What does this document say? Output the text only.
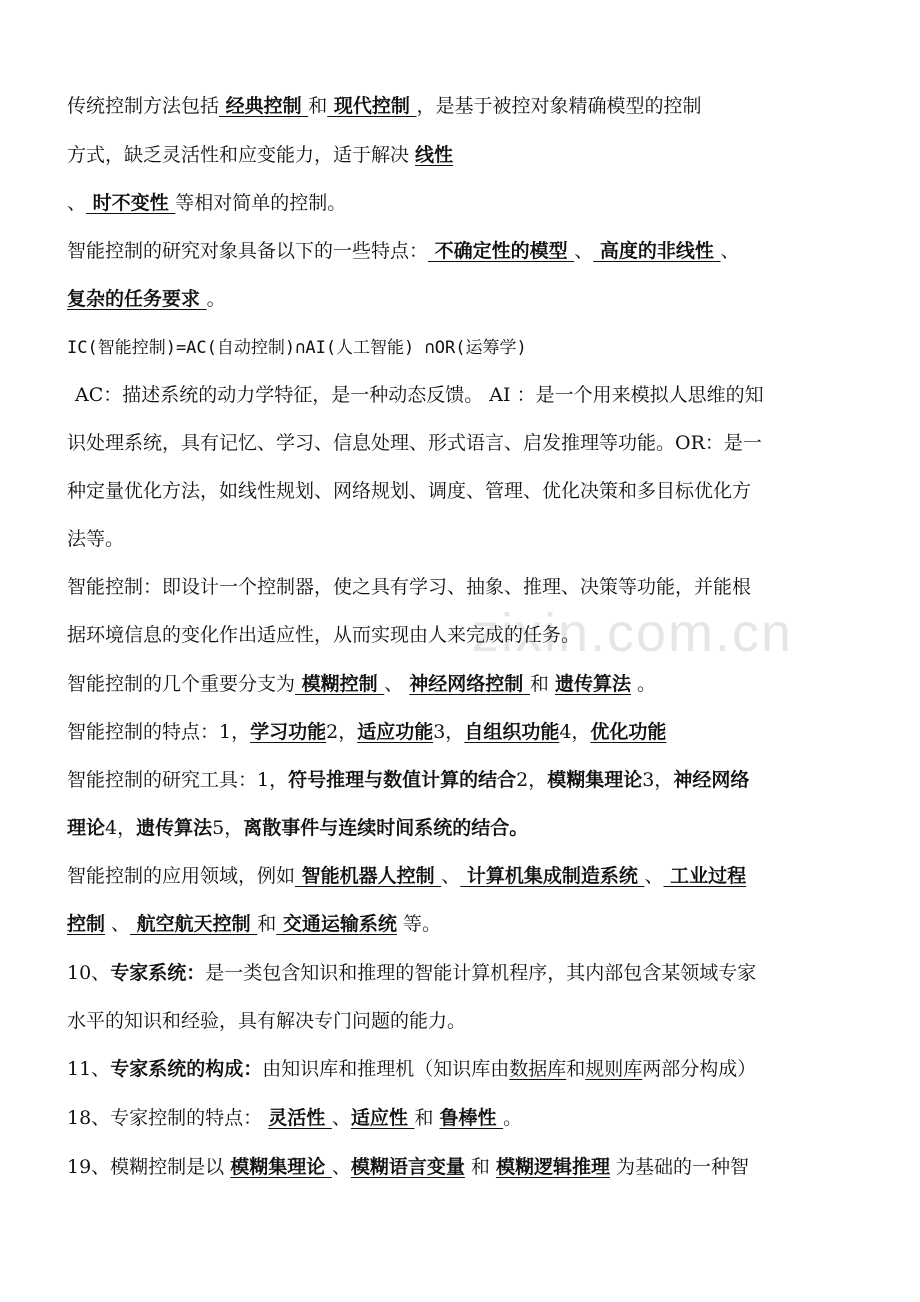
zixin.com.cn
传统控制方法包括 经典控制 和 现代控制 ，是基于被控对象精确模型的控制
方式，缺乏灵活性和应变能力，适于解决 线性
、 时不变性 等相对简单的控制。
智能控制的研究对象具备以下的一些特点： 不确定性的模型 、 高度的非线性 、
复杂的任务要求 。
IC(智能控制)=AC(自动控制)∩AI(人工智能) ∩OR(运筹学)
AC：描述系统的动力学特征，是一种动态反馈。 AI ：是一个用来模拟人思维的知
识处理系统，具有记忆、学习、信息处理、形式语言、启发推理等功能。OR：是一
种定量优化方法，如线性规划、网络规划、调度、管理、优化决策和多目标优化方
法等。
智能控制：即设计一个控制器，使之具有学习、抽象、推理、决策等功能，并能根
据环境信息的变化作出适应性，从而实现由人来完成的任务。
智能控制的几个重要分支为 模糊控制 、 神经网络控制 和 遗传算法 。
智能控制的特点：1，学习功能2，适应功能3，自组织功能4，优化功能
智能控制的研究工具：1，符号推理与数值计算的结合2，模糊集理论3，神经网络
理论4，遗传算法5，离散事件与连续时间系统的结合。
智能控制的应用领域，例如 智能机器人控制 、 计算机集成制造系统 、 工业过程
控制 、 航空航天控制 和 交通运输系统 等。
10、专家系统：是一类包含知识和推理的智能计算机程序，其内部包含某领域专家
水平的知识和经验，具有解决专门问题的能力。
11、专家系统的构成：由知识库和推理机（知识库由数据库和规则库两部分构成）
18、专家控制的特点： 灵活性 、适应性 和 鲁棒性 。
19、模糊控制是以 模糊集理论 、模糊语言变量 和 模糊逻辑推理 为基础的一种智
